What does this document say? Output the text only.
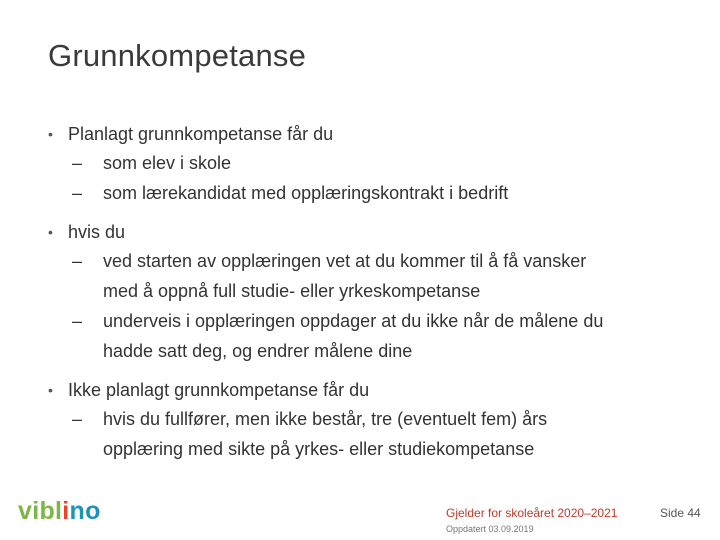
Grunnkompetanse
• Planlagt grunnkompetanse får du
– som elev i skole
– som lærekandidat med opplæringskontrakt i bedrift
• hvis du
– ved starten av opplæringen vet at du kommer til å få vansker
med å oppnå full studie- eller yrkeskompetanse
– underveis i opplæringen oppdager at du ikke når de målene du
hadde satt deg, og endrer målene dine
• Ikke planlagt grunnkompetanse får du
– hvis du fullfører, men ikke består, tre (eventuelt fem) års
opplæring med sikte på yrkes- eller studiekompetanse
viblino	Gjelder for skoleåret 2020–2021
Oppdatert 03.09.2019
Side 44
